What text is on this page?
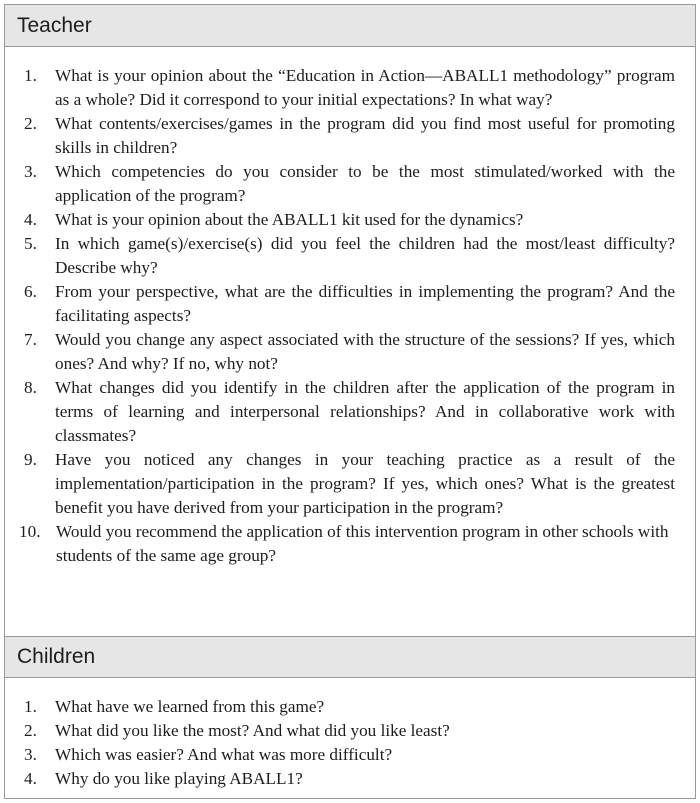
Teacher
1. What is your opinion about the “Education in Action—ABALL1 methodology” program as a whole? Did it correspond to your initial expectations? In what way?
2. What contents/exercises/games in the program did you find most useful for promoting skills in children?
3. Which competencies do you consider to be the most stimulated/worked with the application of the program?
4. What is your opinion about the ABALL1 kit used for the dynamics?
5. In which game(s)/exercise(s) did you feel the children had the most/least difficulty? Describe why?
6. From your perspective, what are the difficulties in implementing the program? And the facilitating aspects?
7. Would you change any aspect associated with the structure of the sessions? If yes, which ones? And why? If no, why not?
8. What changes did you identify in the children after the application of the program in terms of learning and interpersonal relationships? And in collaborative work with classmates?
9. Have you noticed any changes in your teaching practice as a result of the implementation/participation in the program? If yes, which ones? What is the greatest benefit you have derived from your participation in the program?
10. Would you recommend the application of this intervention program in other schools with students of the same age group?
Children
1. What have we learned from this game?
2. What did you like the most? And what did you like least?
3. Which was easier? And what was more difficult?
4. Why do you like playing ABALL1?
